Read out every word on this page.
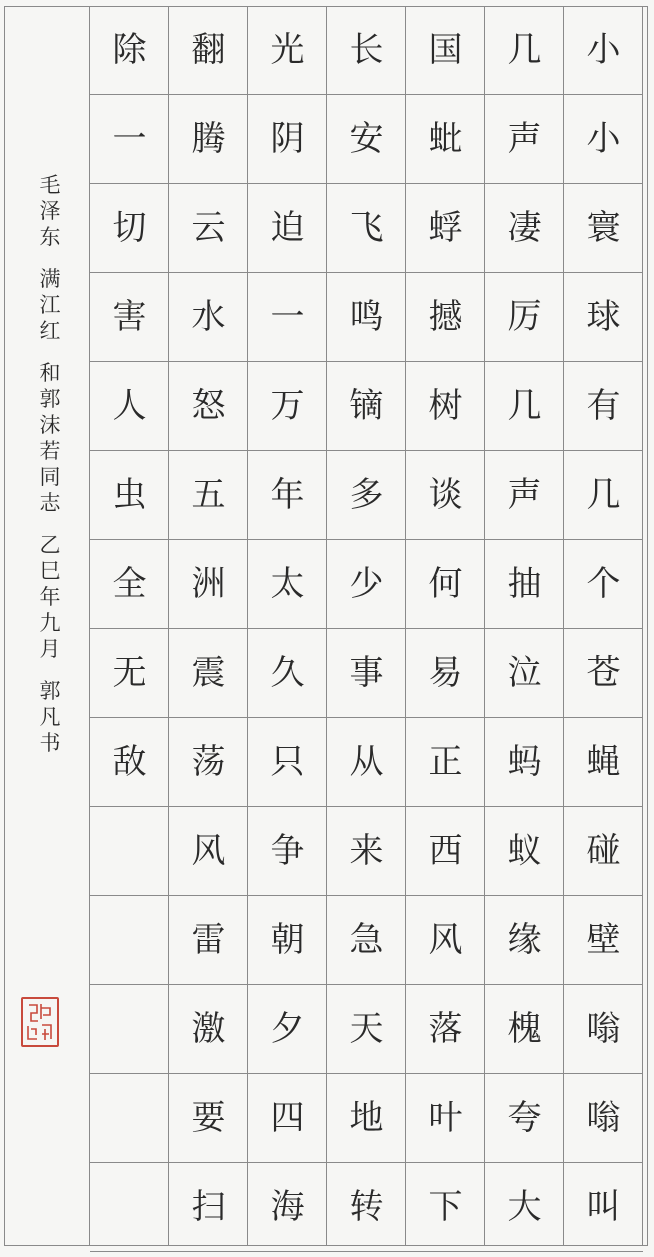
小
小
寰
球
有
几
个
苍
蝇
碰
壁
嗡
嗡
叫
几
声
凄
厉
几
声
抽
泣
蚂
蚁
缘
槐
夸
大
国
蚍
蜉
撼
树
谈
何
易
正
西
风
落
叶
下
长
安
飞
鸣
镝
多
少
事
从
来
急
天
地
转
光
阴
迫
一
万
年
太
久
只
争
朝
夕
四
海
翻
腾
云
水
怒
五
洲
震
荡
风
雷
激
要
扫
除
一
切
害
人
虫
全
无
敌
毛
泽
东
满
江
红
和
郭
沫
若
同
志
乙
巳
年
九
月
郭
凡
书
